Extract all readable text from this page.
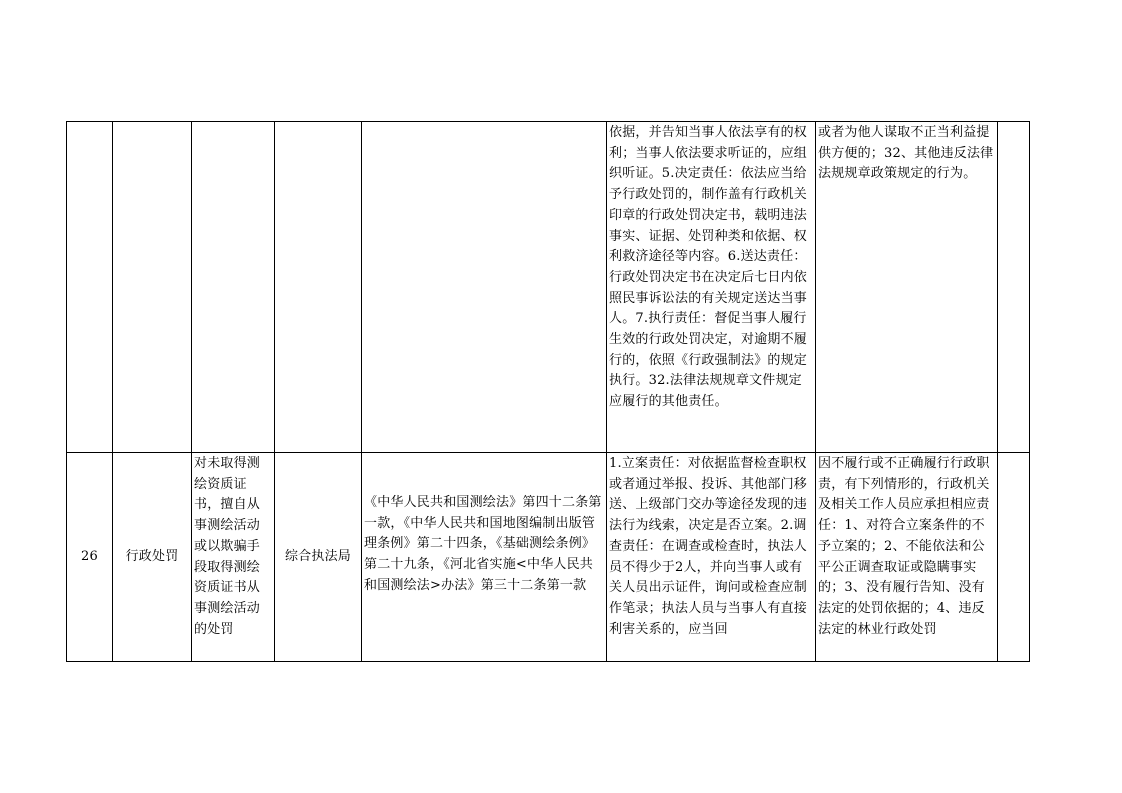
					依据，并告知当事人依法享有的权利；当事人依法要求听证的，应组织听证。5.决定责任：依法应当给予行政处罚的，制作盖有行政机关印章的行政处罚决定书，载明违法事实、证据、处罚种类和依据、权利救济途径等内容。6.送达责任：行政处罚决定书在决定后七日内依照民事诉讼法的有关规定送达当事人。7.执行责任：督促当事人履行生效的行政处罚决定，对逾期不履行的，依照《行政强制法》的规定执行。32.法律法规规章文件规定应履行的其他责任。	或者为他人谋取不正当利益提供方便的；32、其他违反法律法规规章政策规定的行为。	

26	行政处罚	对未取得测绘资质证书，擅自从事测绘活动或以欺骗手段取得测绘资质证书从事测绘活动的处罚	综合执法局	《中华人民共和国测绘法》第四十二条第一款，《中华人民共和国地图编制出版管理条例》第二十四条，《基础测绘条例》第二十九条，《河北省实施<中华人民共和国测绘法>办法》第三十二条第一款	1.立案责任：对依据监督检查职权或者通过举报、投诉、其他部门移送、上级部门交办等途径发现的违法行为线索，决定是否立案。2.调查责任：在调查或检查时，执法人员不得少于2人，并向当事人或有关人员出示证件，询问或检查应制作笔录；执法人员与当事人有直接利害关系的，应当回	因不履行或不正确履行行政职责，有下列情形的，行政机关及相关工作人员应承担相应责任：1、对符合立案条件的不予立案的；2、不能依法和公平公正调查取证或隐瞒事实的；3、没有履行告知、没有法定的处罚依据的；4、违反法定的林业行政处罚	
